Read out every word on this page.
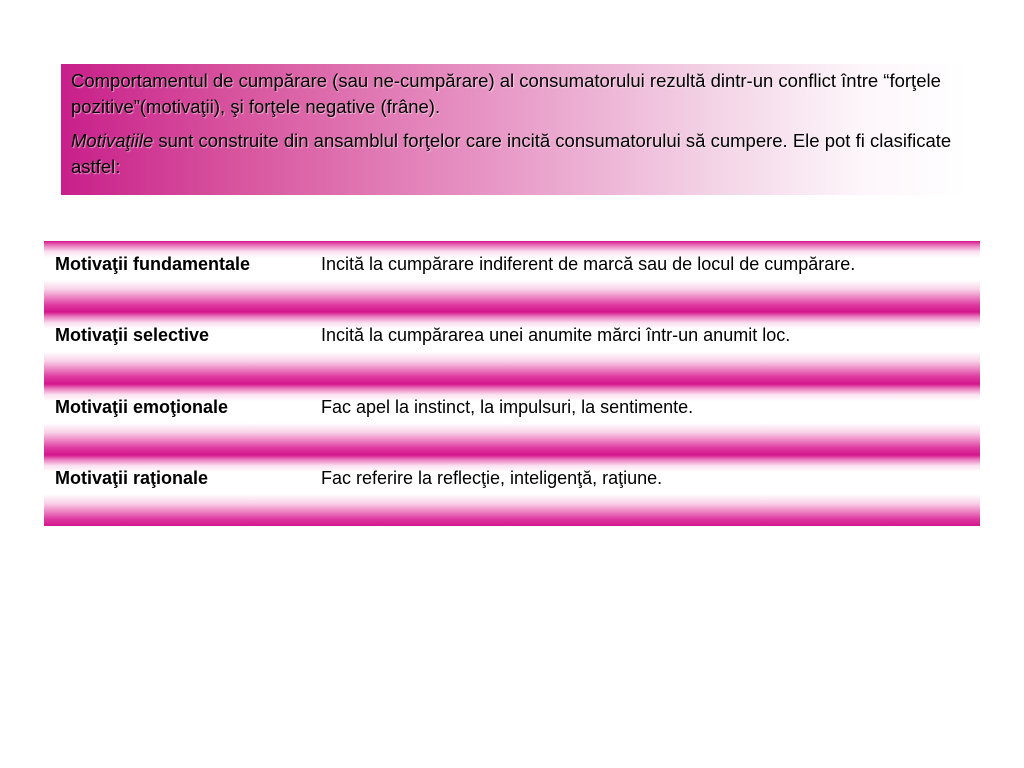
Comportamentul de cumpărare (sau ne-cumpărare) al consumatorului rezultă dintr-un conflict între “forţele pozitive”(motivaţii), şi forţele negative (frâne).

Motivaţiile sunt construite din ansamblul forţelor care incită consumatorului să cumpere. Ele pot fi clasificate astfel:

Motivaţii fundamentale	Incită la cumpărare indiferent de marcă sau de locul de cumpărare.
Motivaţii selective	Incită la cumpărarea unei anumite mărci într-un anumit loc.
Motivaţii emoţionale	Fac apel la instinct, la impulsuri, la sentimente.
Motivaţii raţionale	Fac referire la reflecţie, inteligenţă, raţiune.
